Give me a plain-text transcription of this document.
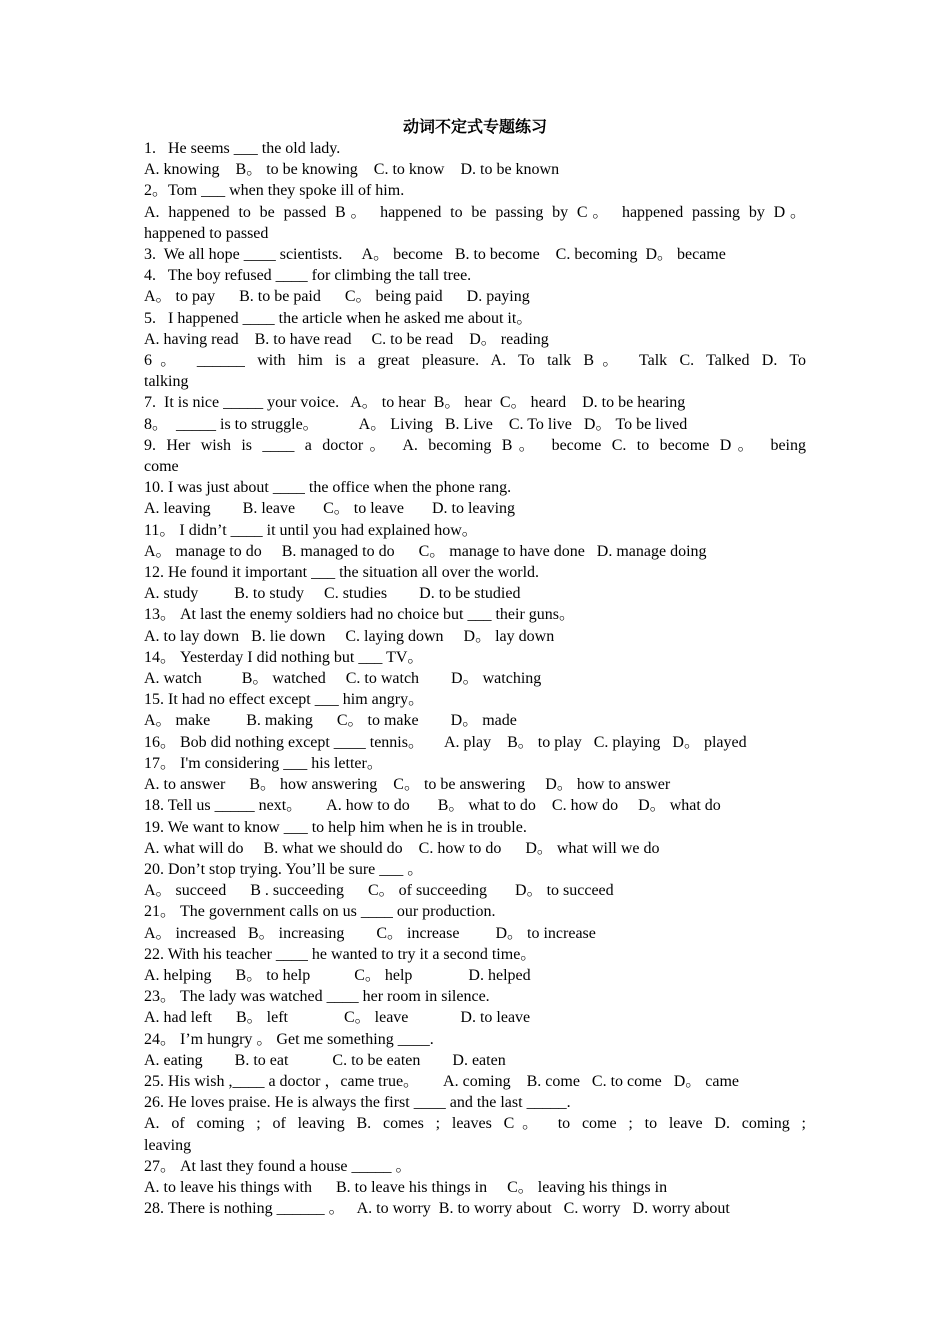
动词不定式专题练习
1.   He seems ___ the old lady.
A. knowing    B。 to be knowing    C. to know    D. to be known
2。Tom ___ when they spoke ill of him.
A. happened to be passed B。 happened to be passing by C。 happened passing by D。
happened to passed
3.  We all hope ____ scientists.     A。 become   B. to become    C. becoming  D。 became
4.   The boy refused ____ for climbing the tall tree.
A。 to pay      B. to be paid      C。 being paid      D. paying
5.   I happened ____ the article when he asked me about it。
A. having read    B. to have read     C. to be read    D。 reading
6。 ______ with him is a great pleasure. A. To talk B。 Talk C. Talked D. To
talking
7.  It is nice _____ your voice.   A。 to hear  B。 hear  C。 heard    D. to be hearing
8。  _____ is to struggle。          A。 Living   B. Live    C. To live   D。 To be lived
9. Her wish is ____ a doctor。 A. becoming B。 become C. to become D。 being
come
10. I was just about ____ the office when the phone rang.
A. leaving        B. leave       C。 to leave       D. to leaving
11。 I didn’t ____ it until you had explained how。
A。 manage to do     B. managed to do      C。 manage to have done   D. manage doing
12. He found it important ___ the situation all over the world.
A. study         B. to study     C. studies        D. to be studied
13。 At last the enemy soldiers had no choice but ___ their guns。
A. to lay down   B. lie down     C. laying down     D。 lay down
14。 Yesterday I did nothing but ___ TV。
A. watch          B。 watched     C. to watch        D。 watching
15. It had no effect except ___ him angry。
A。 make         B. making      C。 to make        D。 made
16。 Bob did nothing except ____ tennis。     A. play    B。 to play   C. playing   D。 played
17。 I'm considering ___ his letter。
A. to answer      B。 how answering    C。 to be answering     D。 how to answer
18. Tell us _____ next。      A. how to do       B。 what to do    C. how do     D。 what do
19. We want to know ___ to help him when he is in trouble.
A. what will do     B. what we should do    C. how to do      D。 what will we do
20. Don’t stop trying. You’ll be sure ___ 。
A。 succeed      B . succeeding      C。 of succeeding       D。 to succeed
21。 The government calls on us ____ our production.
A。 increased   B。 increasing        C。 increase         D。 to increase
22. With his teacher ____ he wanted to try it a second time。
A. helping      B。 to help           C。 help              D. helped
23。 The lady was watched ____ her room in silence.
A. had left      B。 left              C。 leave             D. to leave
24。 I’m hungry 。 Get me something ____.
A. eating        B. to eat           C. to be eaten        D. eaten
25. His wish ,____ a doctor ，came true。      A. coming    B. come   C. to come   D。 came
26. He loves praise. He is always the first ____ and the last _____.
A. of coming ; of leaving B. comes ; leaves C。 to come ; to leave D. coming ;
leaving
27。 At last they found a house _____ 。
A. to leave his things with      B. to leave his things in     C。 leaving his things in
28. There is nothing ______ 。   A. to worry  B. to worry about   C. worry   D. worry about
